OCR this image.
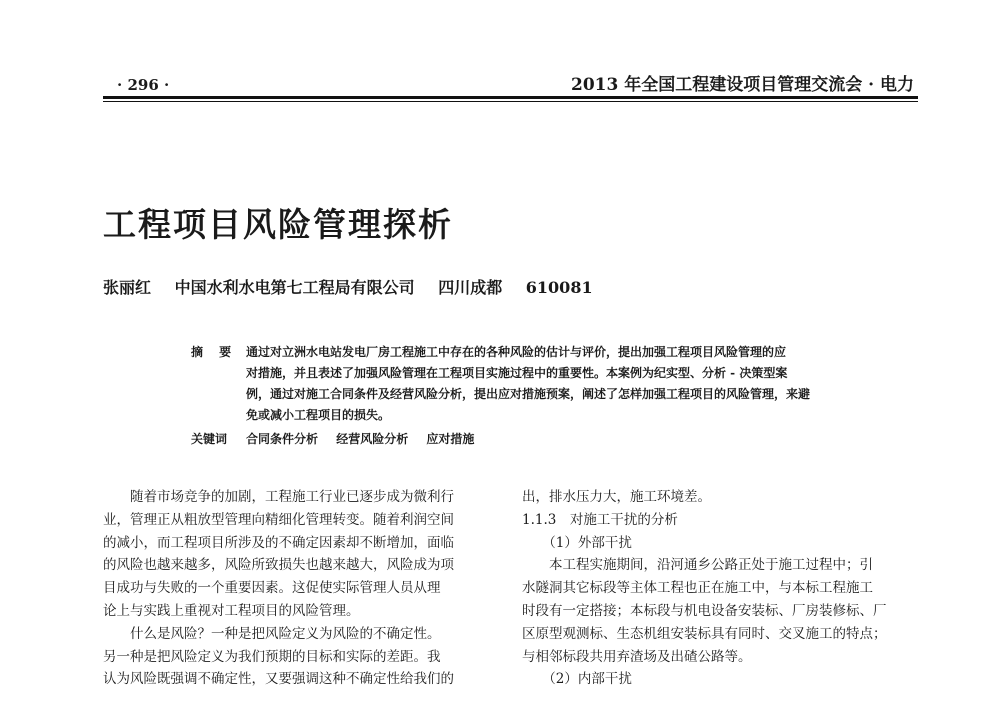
· 296 ·	2013 年全国工程建设项目管理交流会 · 电力
工程项目风险管理探析
张丽红 中国水利水电第七工程局有限公司 四川成都 610081
摘 要 通过对立洲水电站发电厂房工程施工中存在的各种风险的估计与评价，提出加强工程项目风险管理的应
对措施，并且表述了加强风险管理在工程项目实施过程中的重要性。本案例为纪实型、分析 - 决策型案
例，通过对施工合同条件及经营风险分析，提出应对措施预案，阐述了怎样加强工程项目的风险管理，来避
免或减小工程项目的损失。
关键词	合同条件分析 经营风险分析 应对措施
　　随着市场竞争的加剧，工程施工行业已逐步成为微利行
业，管理正从粗放型管理向精细化管理转变。随着利润空间
的减小，而工程项目所涉及的不确定因素却不断增加，面临
的风险也越来越多，风险所致损失也越来越大，风险成为项
目成功与失败的一个重要因素。这促使实际管理人员从理
论上与实践上重视对工程项目的风险管理。
　　什么是风险？一种是把风险定义为风险的不确定性。
另一种是把风险定义为我们预期的目标和实际的差距。我
认为风险既强调不确定性，又要强调这种不确定性给我们的
出，排水压力大，施工环境差。
1.1.3　对施工干扰的分析
　　（1）外部干扰
　　本工程实施期间，沿河通乡公路正处于施工过程中；引
水隧洞其它标段等主体工程也正在施工中，与本标工程施工
时段有一定搭接；本标段与机电设备安装标、厂房装修标、厂
区原型观测标、生态机组安装标具有同时、交叉施工的特点；
与相邻标段共用弃渣场及出碴公路等。
　　（2）内部干扰
